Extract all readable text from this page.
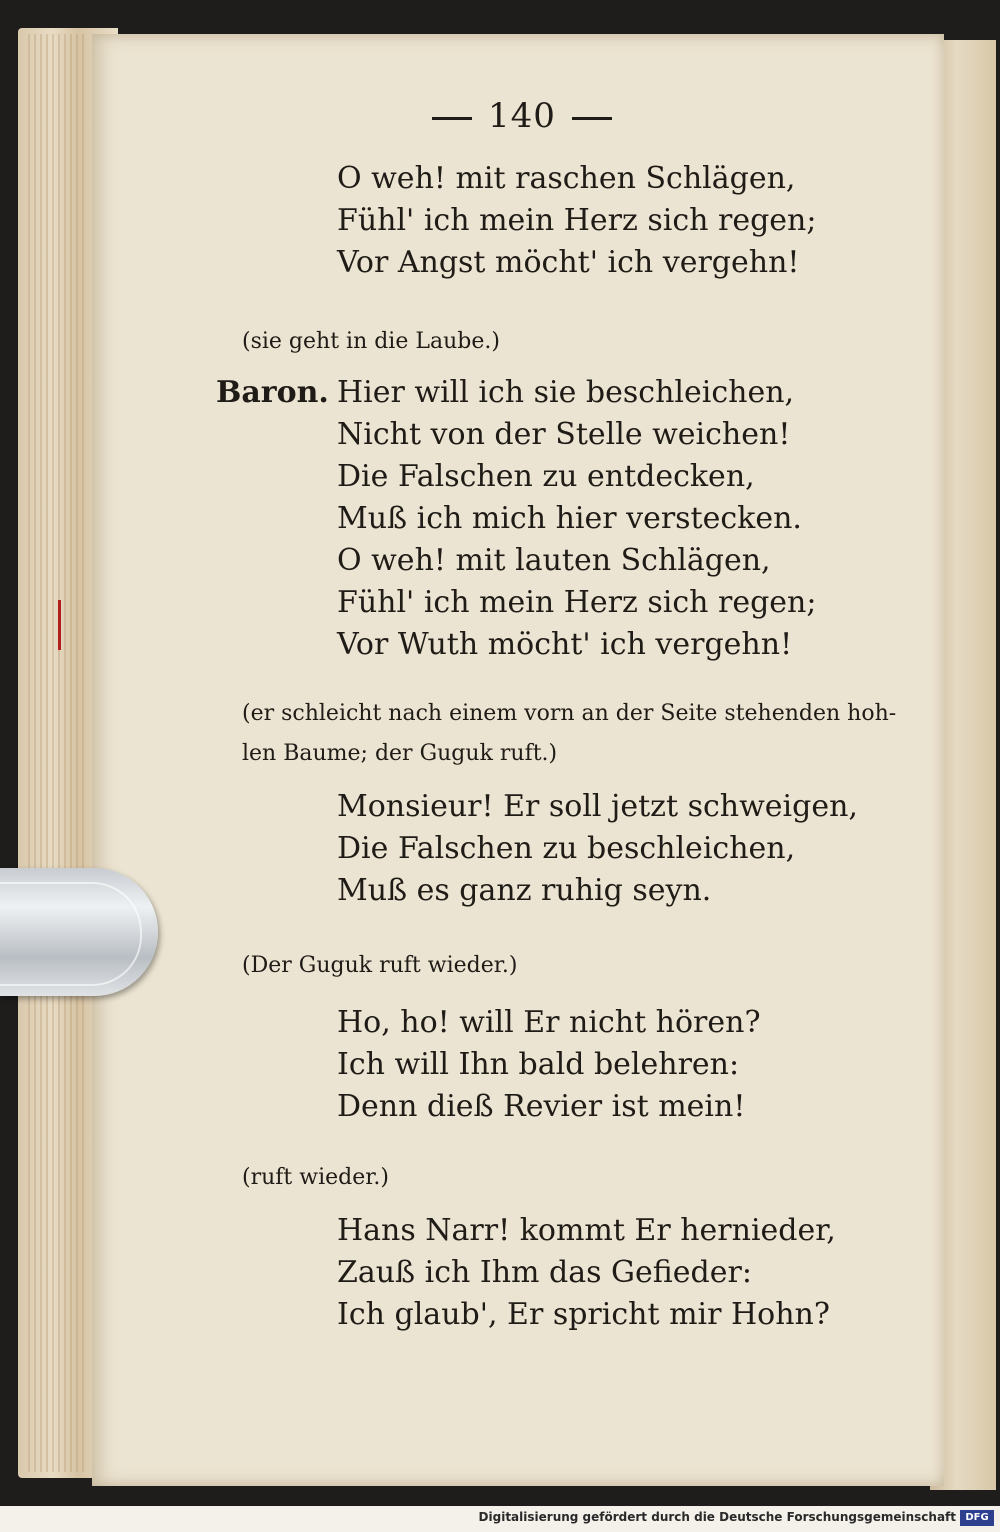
140
O weh! mit raschen Schlägen,
Fühl' ich mein Herz sich regen;
Vor Angst möcht' ich vergehn!
(sie geht in die Laube.)
Baron. Hier will ich sie beschleichen,
Nicht von der Stelle weichen!
Die Falschen zu entdecken,
Muß ich mich hier verstecken.
O weh! mit lauten Schlägen,
Fühl' ich mein Herz sich regen;
Vor Wuth möcht' ich vergehn!
(er schleicht nach einem vorn an der Seite stehenden hoh-
len Baume; der Guguk ruft.)
Monsieur! Er soll jetzt schweigen,
Die Falschen zu beschleichen,
Muß es ganz ruhig seyn.
(Der Guguk ruft wieder.)
Ho, ho! will Er nicht hören?
Ich will Ihn bald belehren:
Denn dieß Revier ist mein!
(ruft wieder.)
Hans Narr! kommt Er hernieder,
Zauß ich Ihm das Gefieder:
Ich glaub', Er spricht mir Hohn?
Digitalisierung gefördert durch die Deutsche Forschungsgemeinschaft DFG
